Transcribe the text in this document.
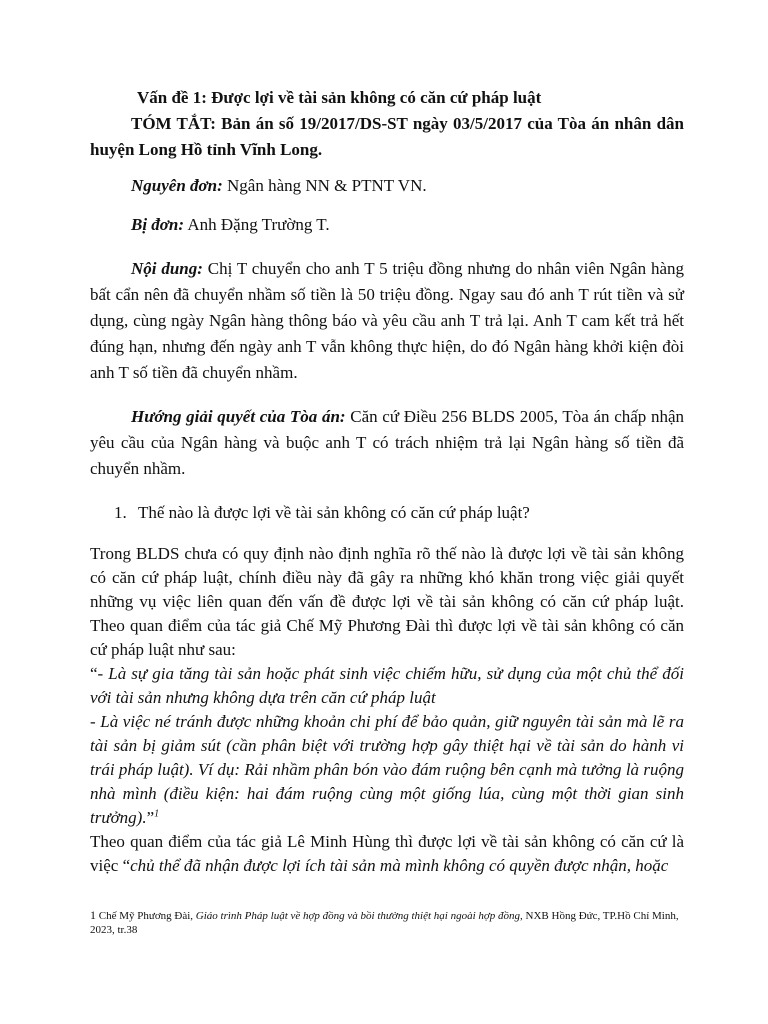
Vấn đề 1: Được lợi về tài sản không có căn cứ pháp luật
TÓM TẮT: Bản án số 19/2017/DS-ST ngày 03/5/2017 của Tòa án nhân dân huyện Long Hồ tỉnh Vĩnh Long.
Nguyên đơn: Ngân hàng NN & PTNT VN.
Bị đơn: Anh Đặng Trường T.
Nội dung: Chị T chuyển cho anh T 5 triệu đồng nhưng do nhân viên Ngân hàng bất cẩn nên đã chuyển nhầm số tiền là 50 triệu đồng. Ngay sau đó anh T rút tiền và sử dụng, cùng ngày Ngân hàng thông báo và yêu cầu anh T trả lại. Anh T cam kết trả hết đúng hạn, nhưng đến ngày anh T vẫn không thực hiện, do đó Ngân hàng khởi kiện đòi anh T số tiền đã chuyển nhầm.
Hướng giải quyết của Tòa án: Căn cứ Điều 256 BLDS 2005, Tòa án chấp nhận yêu cầu của Ngân hàng và buộc anh T có trách nhiệm trả lại Ngân hàng số tiền đã chuyển nhầm.
1. Thế nào là được lợi về tài sản không có căn cứ pháp luật?
Trong BLDS chưa có quy định nào định nghĩa rõ thế nào là được lợi về tài sản không có căn cứ pháp luật, chính điều này đã gây ra những khó khăn trong việc giải quyết những vụ việc liên quan đến vấn đề được lợi về tài sản không có căn cứ pháp luật. Theo quan điểm của tác giả Chế Mỹ Phương Đài thì được lợi về tài sản không có căn cứ pháp luật như sau:
“- Là sự gia tăng tài sản hoặc phát sinh việc chiếm hữu, sử dụng của một chủ thể đối với tài sản nhưng không dựa trên căn cứ pháp luật
- Là việc né tránh được những khoản chi phí để bảo quản, giữ nguyên tài sản mà lẽ ra tài sản bị giảm sút (cần phân biệt với trường hợp gây thiệt hại về tài sản do hành vi trái pháp luật). Ví dụ: Rải nhầm phân bón vào đám ruộng bên cạnh mà tưởng là ruộng nhà mình (điều kiện: hai đám ruộng cùng một giống lúa, cùng một thời gian sinh trưởng).”$^1$
Theo quan điểm của tác giả Lê Minh Hùng thì được lợi về tài sản không có căn cứ là việc “chủ thể đã nhận được lợi ích tài sản mà mình không có quyền được nhận, hoặc
1 Chế Mỹ Phương Đài, Giáo trình Pháp luật về hợp đồng và bồi thường thiệt hại ngoài hợp đồng, NXB Hồng Đức, TP.Hồ Chí Minh, 2023, tr.38
